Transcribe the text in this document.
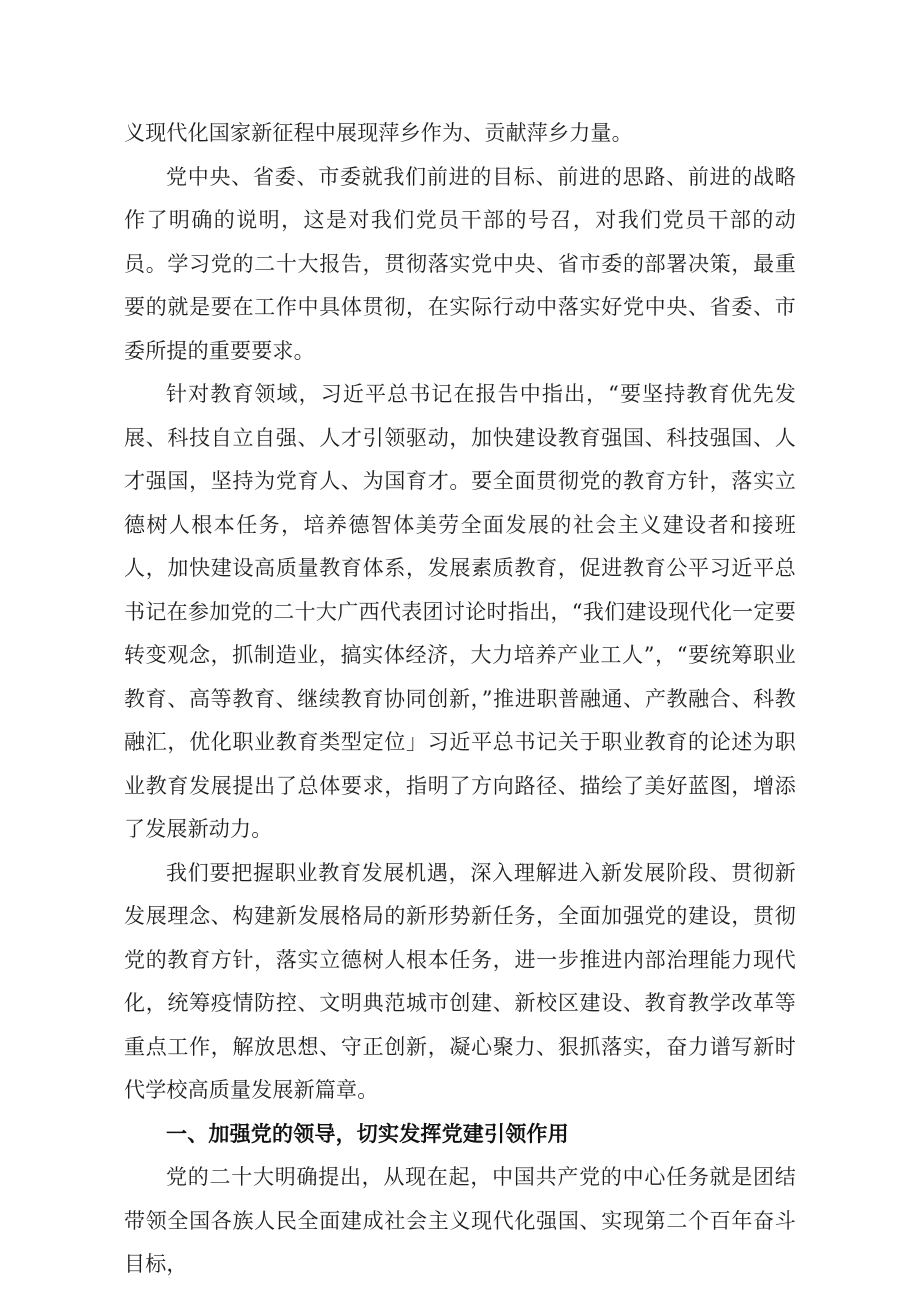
义现代化国家新征程中展现萍乡作为、贡献萍乡力量。

党中央、省委、市委就我们前进的目标、前进的思路、前进的战略作了明确的说明，这是对我们党员干部的号召，对我们党员干部的动员。学习党的二十大报告，贯彻落实党中央、省市委的部署决策，最重要的就是要在工作中具体贯彻，在实际行动中落实好党中央、省委、市委所提的重要要求。

针对教育领域，习近平总书记在报告中指出，“要坚持教育优先发展、科技自立自强、人才引领驱动，加快建设教育强国、科技强国、人才强国，坚持为党育人、为国育才。要全面贯彻党的教育方针，落实立德树人根本任务，培养德智体美劳全面发展的社会主义建设者和接班人，加快建设高质量教育体系，发展素质教育，促进教育公平习近平总书记在参加党的二十大广西代表团讨论时指出，“我们建设现代化一定要转变观念，抓制造业，搞实体经济，大力培养产业工人”，“要统筹职业教育、高等教育、继续教育协同创新，”推进职普融通、产教融合、科教融汇，优化职业教育类型定位」习近平总书记关于职业教育的论述为职业教育发展提出了总体要求，指明了方向路径、描绘了美好蓝图，增添了发展新动力。

我们要把握职业教育发展机遇，深入理解进入新发展阶段、贯彻新发展理念、构建新发展格局的新形势新任务，全面加强党的建设，贯彻党的教育方针，落实立德树人根本任务，进一步推进内部治理能力现代化，统筹疫情防控、文明典范城市创建、新校区建设、教育教学改革等重点工作，解放思想、守正创新，凝心聚力、狠抓落实，奋力谱写新时代学校高质量发展新篇章。

一、加强党的领导，切实发挥党建引领作用

党的二十大明确提出，从现在起，中国共产党的中心任务就是团结带领全国各族人民全面建成社会主义现代化强国、实现第二个百年奋斗目标，
